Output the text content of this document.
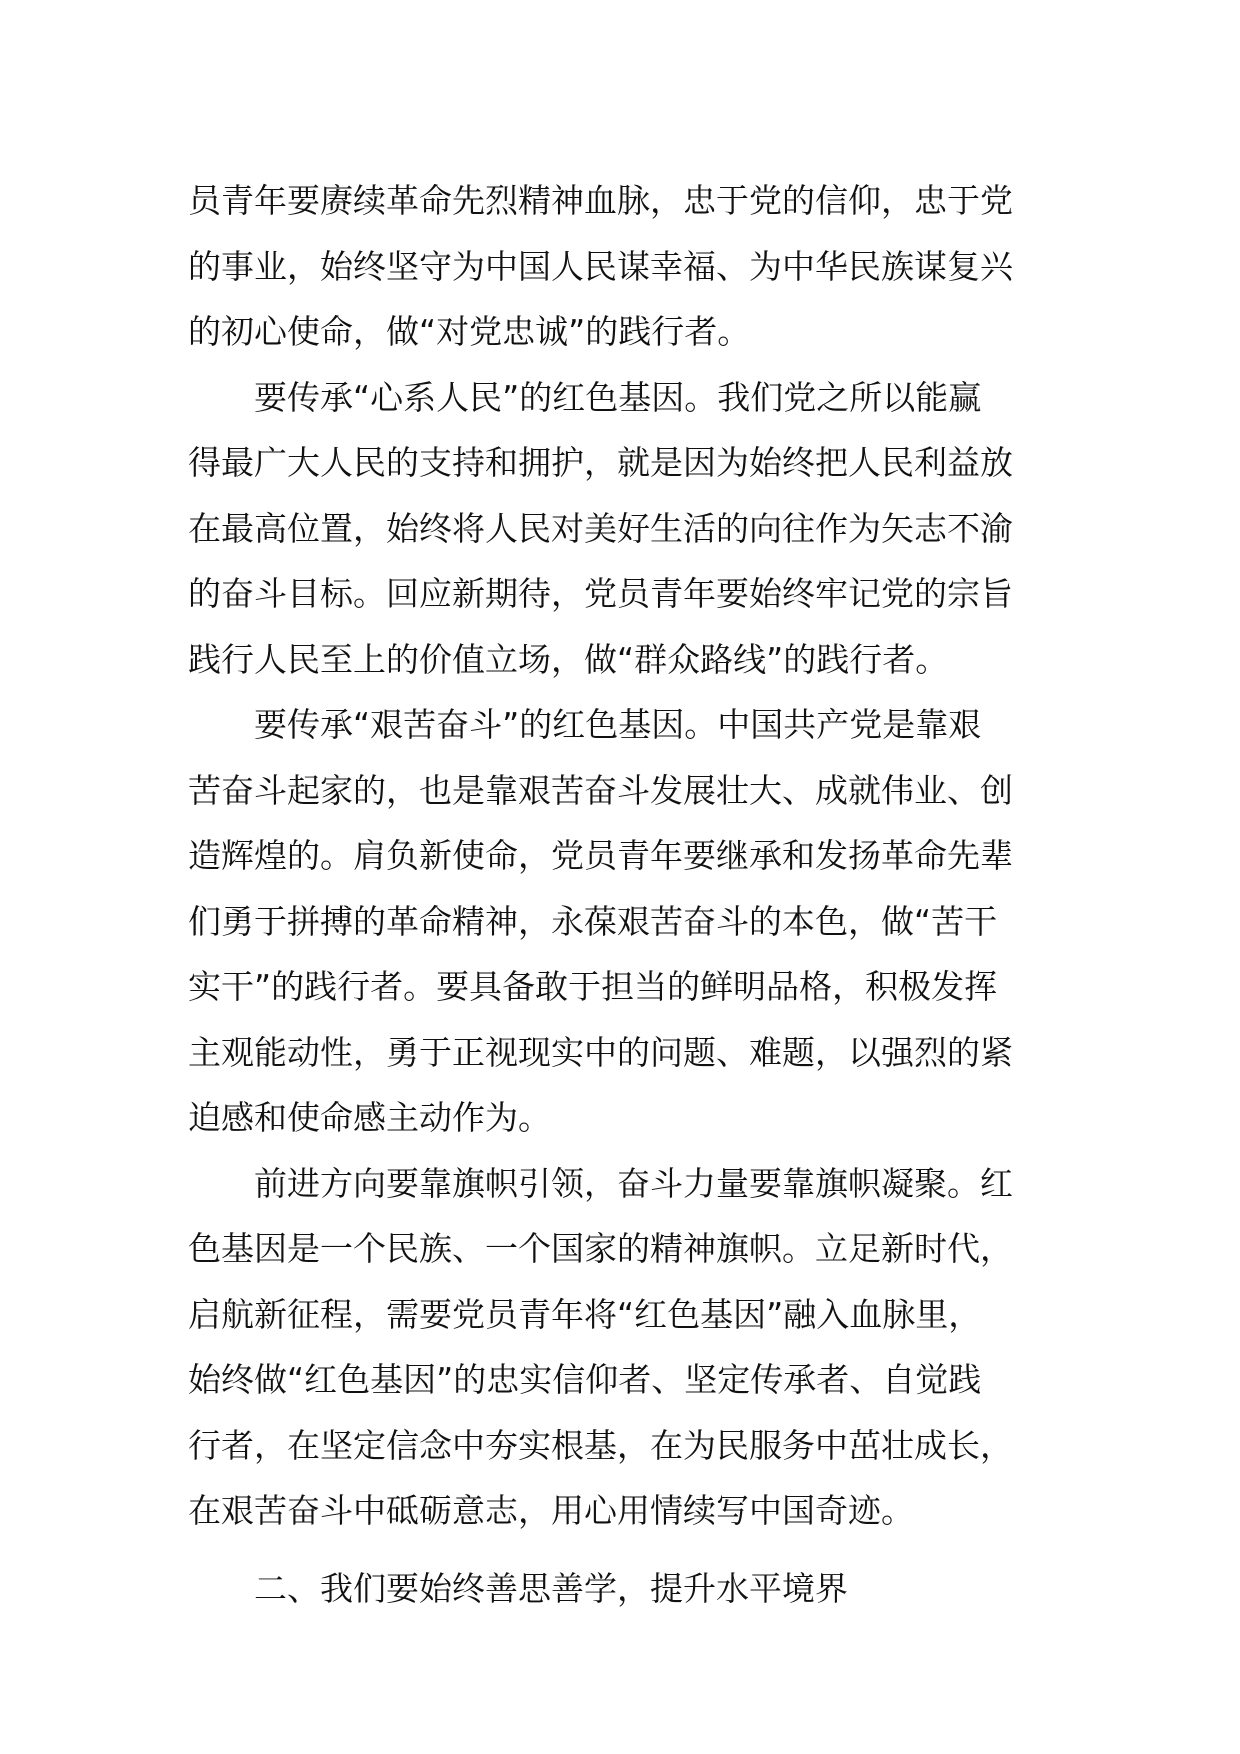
员青年要赓续革命先烈精神血脉，忠于党的信仰，忠于党
的事业，始终坚守为中国人民谋幸福、为中华民族谋复兴
的初心使命，做“对党忠诚”的践行者。
要传承“心系人民”的红色基因。我们党之所以能赢
得最广大人民的支持和拥护，就是因为始终把人民利益放
在最高位置，始终将人民对美好生活的向往作为矢志不渝
的奋斗目标。回应新期待，党员青年要始终牢记党的宗旨
践行人民至上的价值立场，做“群众路线”的践行者。
要传承“艰苦奋斗”的红色基因。中国共产党是靠艰
苦奋斗起家的，也是靠艰苦奋斗发展壮大、成就伟业、创
造辉煌的。肩负新使命，党员青年要继承和发扬革命先辈
们勇于拼搏的革命精神，永葆艰苦奋斗的本色，做“苦干
实干”的践行者。要具备敢于担当的鲜明品格，积极发挥
主观能动性，勇于正视现实中的问题、难题，以强烈的紧
迫感和使命感主动作为。
前进方向要靠旗帜引领，奋斗力量要靠旗帜凝聚。红
色基因是一个民族、一个国家的精神旗帜。立足新时代，
启航新征程，需要党员青年将“红色基因”融入血脉里，
始终做“红色基因”的忠实信仰者、坚定传承者、自觉践
行者，在坚定信念中夯实根基，在为民服务中茁壮成长，
在艰苦奋斗中砥砺意志，用心用情续写中国奇迹。
二、我们要始终善思善学，提升水平境界
